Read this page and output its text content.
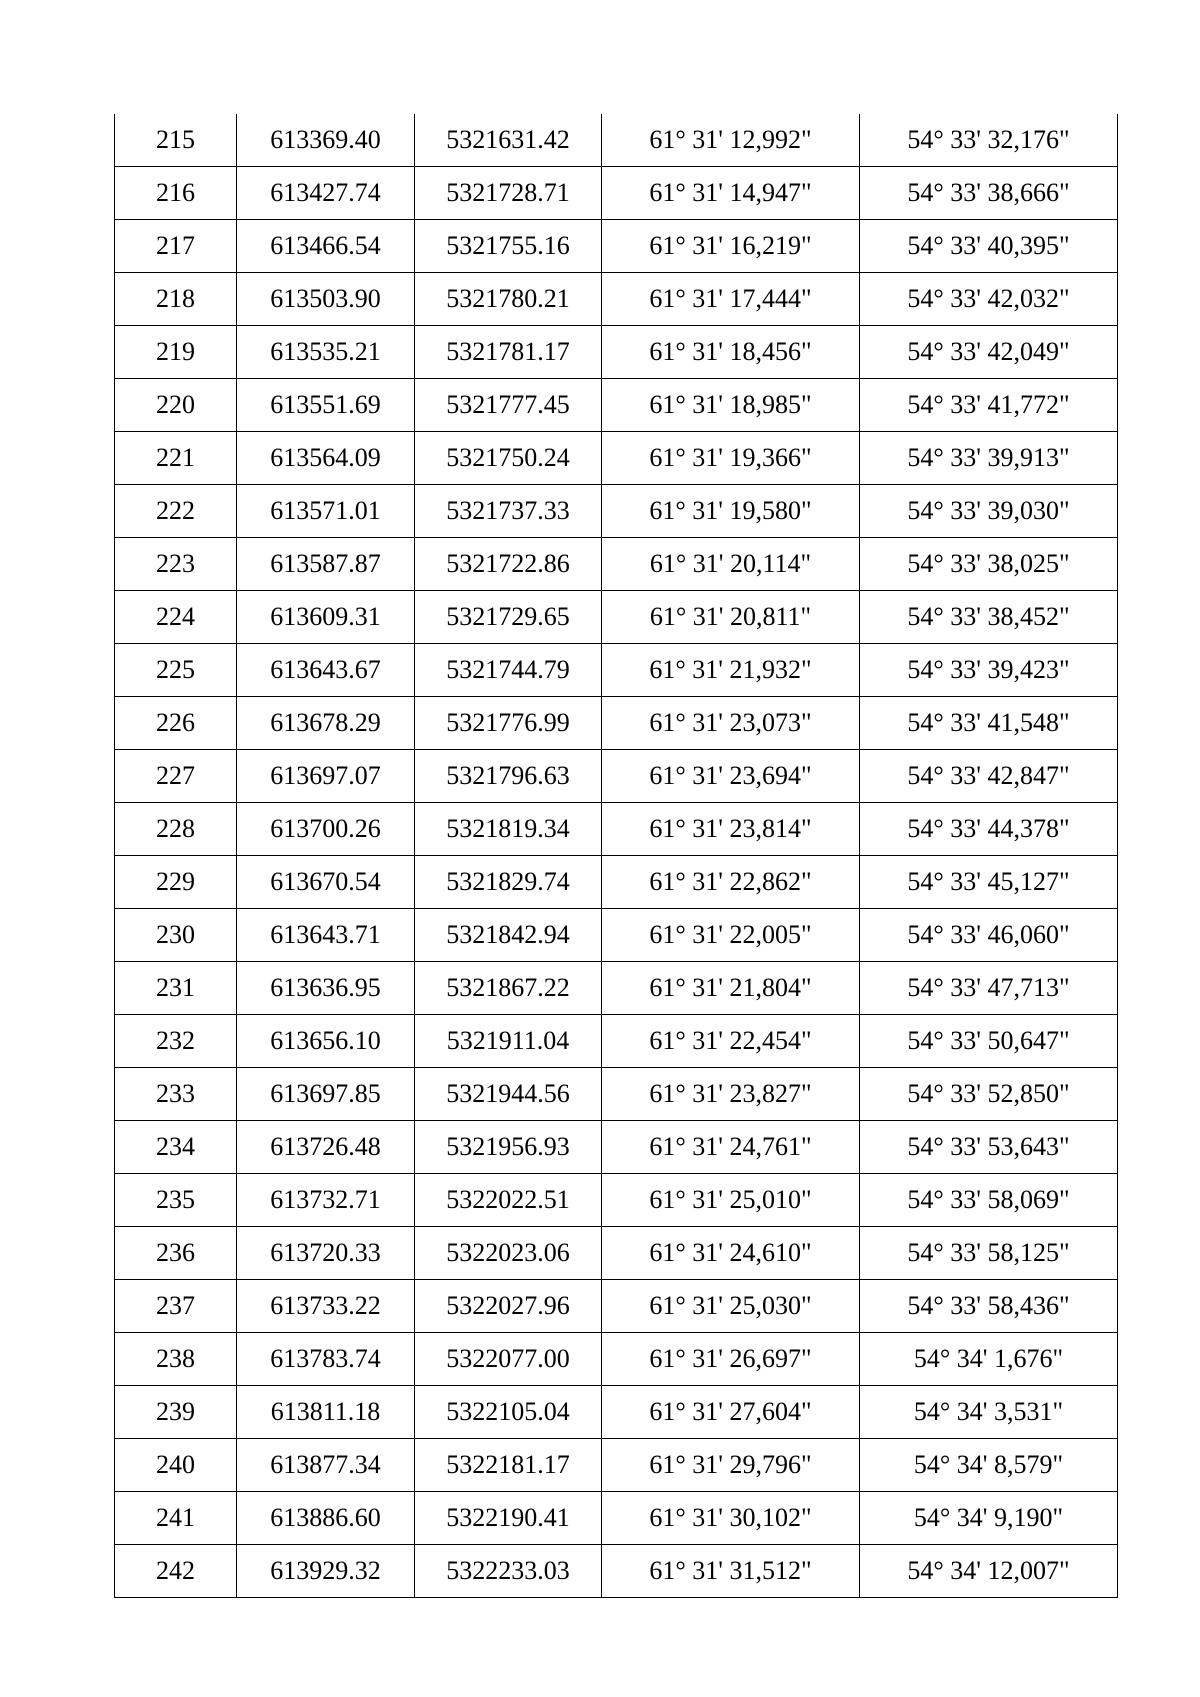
215	613369.40	5321631.42	61° 31' 12,992"	54° 33' 32,176"
216	613427.74	5321728.71	61° 31' 14,947"	54° 33' 38,666"
217	613466.54	5321755.16	61° 31' 16,219"	54° 33' 40,395"
218	613503.90	5321780.21	61° 31' 17,444"	54° 33' 42,032"
219	613535.21	5321781.17	61° 31' 18,456"	54° 33' 42,049"
220	613551.69	5321777.45	61° 31' 18,985"	54° 33' 41,772"
221	613564.09	5321750.24	61° 31' 19,366"	54° 33' 39,913"
222	613571.01	5321737.33	61° 31' 19,580"	54° 33' 39,030"
223	613587.87	5321722.86	61° 31' 20,114"	54° 33' 38,025"
224	613609.31	5321729.65	61° 31' 20,811"	54° 33' 38,452"
225	613643.67	5321744.79	61° 31' 21,932"	54° 33' 39,423"
226	613678.29	5321776.99	61° 31' 23,073"	54° 33' 41,548"
227	613697.07	5321796.63	61° 31' 23,694"	54° 33' 42,847"
228	613700.26	5321819.34	61° 31' 23,814"	54° 33' 44,378"
229	613670.54	5321829.74	61° 31' 22,862"	54° 33' 45,127"
230	613643.71	5321842.94	61° 31' 22,005"	54° 33' 46,060"
231	613636.95	5321867.22	61° 31' 21,804"	54° 33' 47,713"
232	613656.10	5321911.04	61° 31' 22,454"	54° 33' 50,647"
233	613697.85	5321944.56	61° 31' 23,827"	54° 33' 52,850"
234	613726.48	5321956.93	61° 31' 24,761"	54° 33' 53,643"
235	613732.71	5322022.51	61° 31' 25,010"	54° 33' 58,069"
236	613720.33	5322023.06	61° 31' 24,610"	54° 33' 58,125"
237	613733.22	5322027.96	61° 31' 25,030"	54° 33' 58,436"
238	613783.74	5322077.00	61° 31' 26,697"	54° 34' 1,676"
239	613811.18	5322105.04	61° 31' 27,604"	54° 34' 3,531"
240	613877.34	5322181.17	61° 31' 29,796"	54° 34' 8,579"
241	613886.60	5322190.41	61° 31' 30,102"	54° 34' 9,190"
242	613929.32	5322233.03	61° 31' 31,512"	54° 34' 12,007"
